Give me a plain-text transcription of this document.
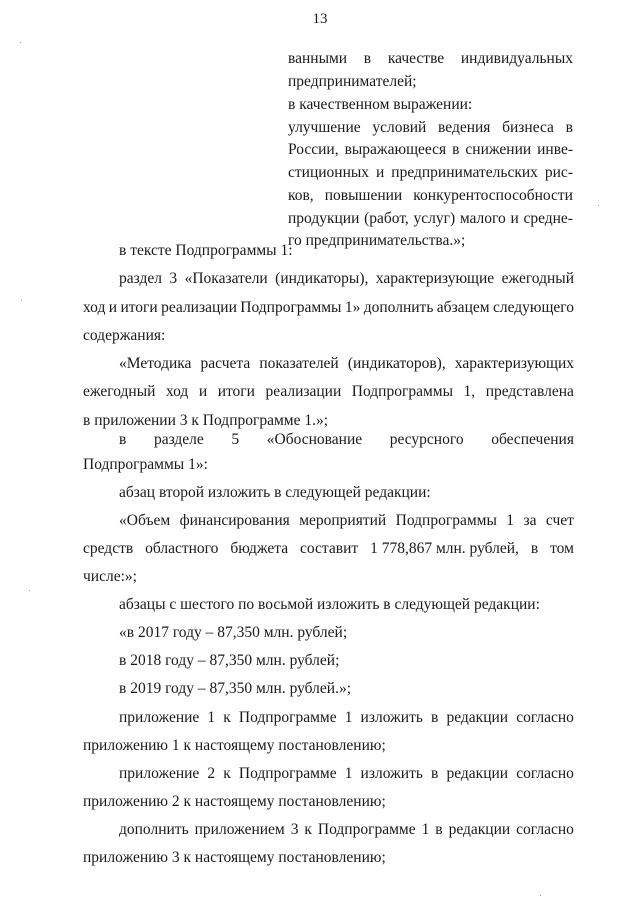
13
ванными в качестве индивидуальных
предпринимателей;
в качественном выражении:
улучшение условий ведения бизнеса в
России, выражающееся в снижении инве-
стиционных и предпринимательских рис-
ков, повышении конкурентоспособности
продукции (работ, услуг) малого и средне-
го предпринимательства.»;
в тексте Подпрограммы 1:
раздел 3 «Показатели (индикаторы), характеризующие ежегодный
ход и итоги реализации Подпрограммы 1» дополнить абзацем следующего
содержания:
«Методика расчета показателей (индикаторов), характеризующих
ежегодный ход и итоги реализации Подпрограммы 1, представлена
в приложении 3 к Подпрограмме 1.»;
в разделе 5 «Обоснование ресурсного обеспечения
Подпрограммы 1»:
абзац второй изложить в следующей редакции:
«Объем финансирования мероприятий Подпрограммы 1 за счет
средств областного бюджета составит 1 778,867 млн. рублей, в том
числе:»;
абзацы с шестого по восьмой изложить в следующей редакции:
«в 2017 году – 87,350 млн. рублей;
в 2018 году – 87,350 млн. рублей;
в 2019 году – 87,350 млн. рублей.»;
приложение 1 к Подпрограмме 1 изложить в редакции согласно
приложению 1 к настоящему постановлению;
приложение 2 к Подпрограмме 1 изложить в редакции согласно
приложению 2 к настоящему постановлению;
дополнить приложением 3 к Подпрограмме 1 в редакции согласно
приложению 3 к настоящему постановлению;
